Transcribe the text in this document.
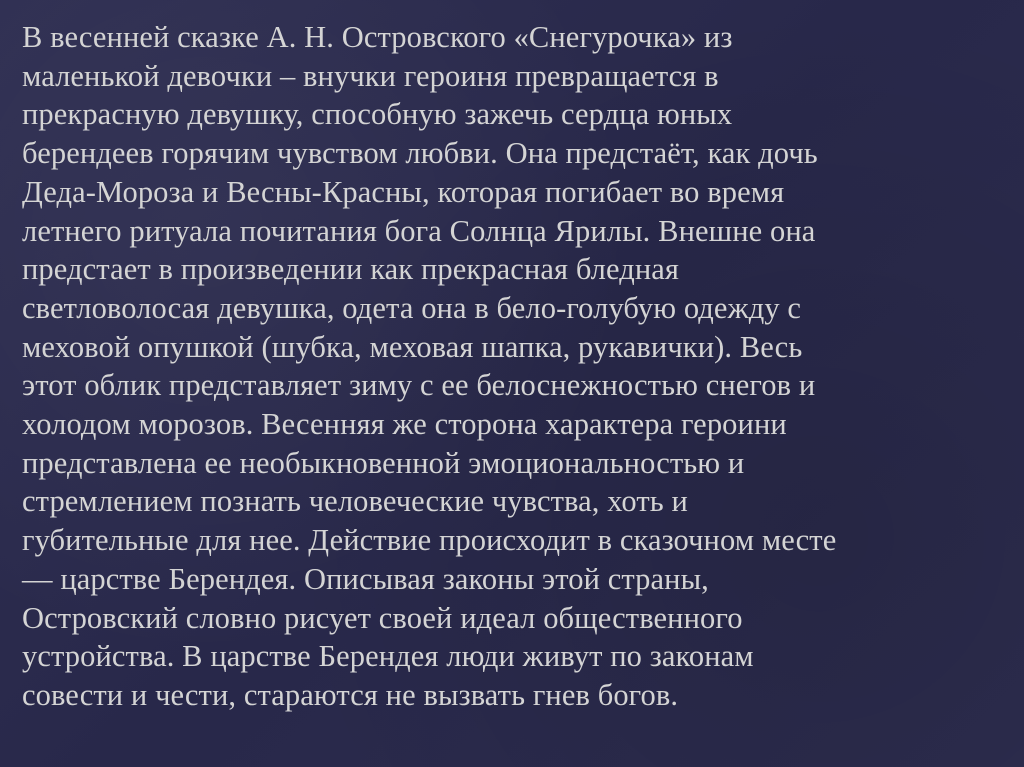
В весенней сказке А. Н. Островского «Снегурочка» из
маленькой девочки – внучки героиня превращается в
прекрасную девушку, способную зажечь сердца юных
берендеев горячим чувством любви. Она предстаёт, как дочь
Деда-Мороза и Весны-Красны, которая погибает во время
летнего ритуала почитания бога Солнца Ярилы. Внешне она
предстает в произведении как прекрасная бледная
светловолосая девушка, одета она в бело-голубую одежду с
меховой опушкой (шубка, меховая шапка, рукавички). Весь
этот облик представляет зиму с ее белоснежностью снегов и
холодом морозов. Весенняя же сторона характера героини
представлена ее необыкновенной эмоциональностью и
стремлением познать человеческие чувства, хоть и
губительные для нее. Действие происходит в сказочном месте
— царстве Берендея. Описывая законы этой страны,
Островский словно рисует своей идеал общественного
устройства. В царстве Берендея люди живут по законам
совести и чести, стараются не вызвать гнев богов.
